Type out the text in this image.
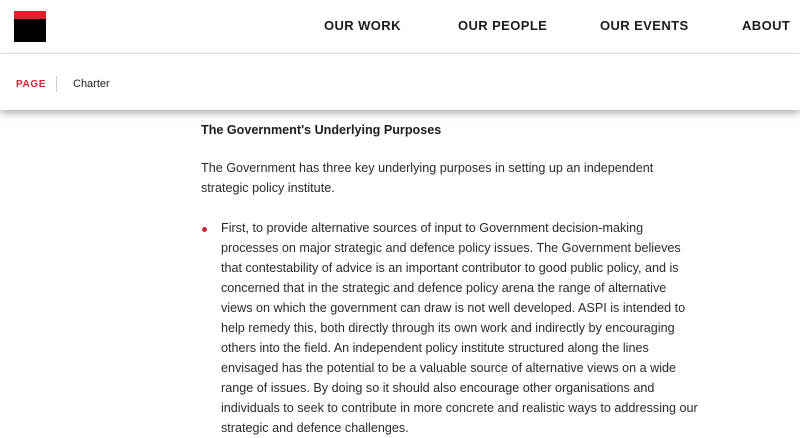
OUR WORK	OUR PEOPLE	OUR EVENTS	ABOUT
PAGE Charter
The Government's Underlying Purposes

The Government has three key underlying purposes in setting up an independent strategic policy institute.

First, to provide alternative sources of input to Government decision-making processes on major strategic and defence policy issues. The Government believes that contestability of advice is an important contributor to good public policy, and is concerned that in the strategic and defence policy arena the range of alternative views on which the government can draw is not well developed. ASPI is intended to help remedy this, both directly through its own work and indirectly by encouraging others into the field. An independent policy institute structured along the lines envisaged has the potential to be a valuable source of alternative views on a wide range of issues. By doing so it should also encourage other organisations and individuals to seek to contribute in more concrete and realistic ways to addressing our strategic and defence challenges.
